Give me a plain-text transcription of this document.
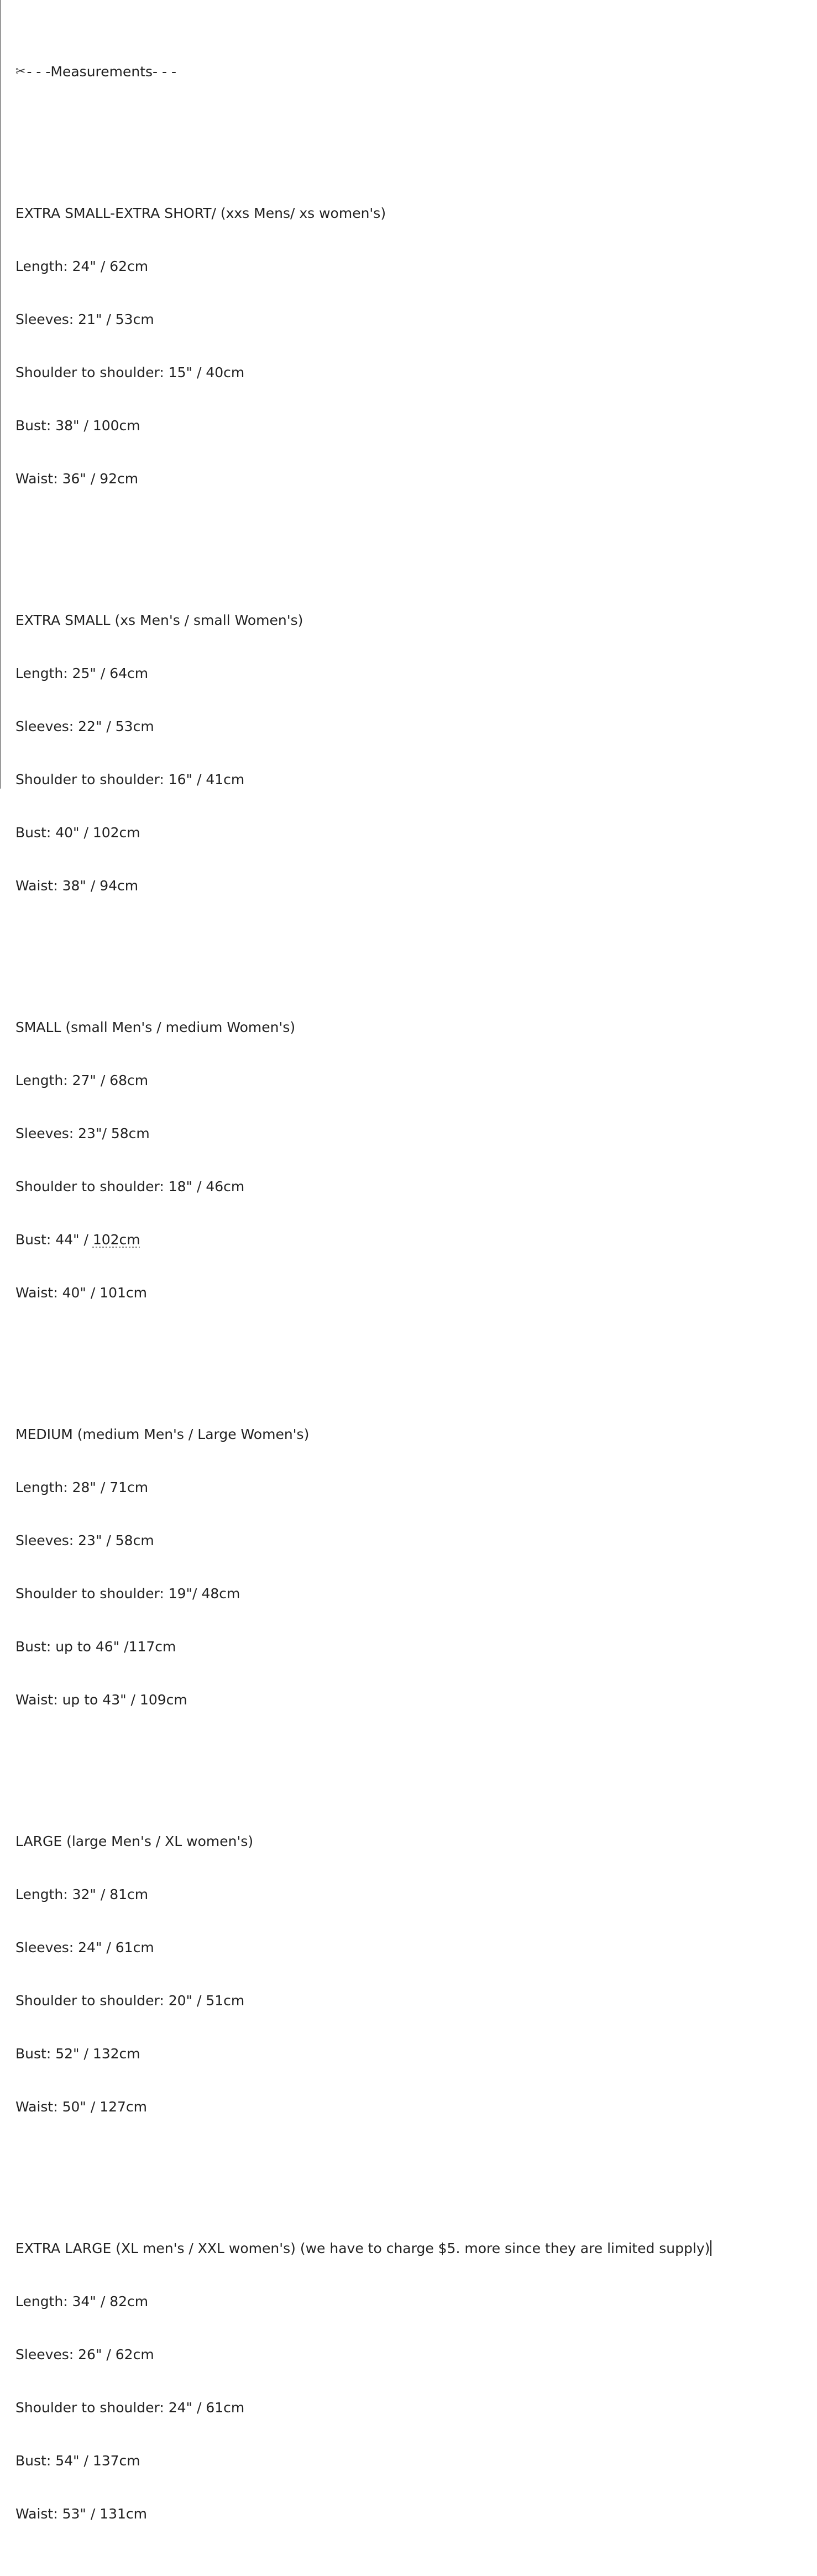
✂ - - -Measurements- - -

EXTRA SMALL-EXTRA SHORT/ (xxs Mens/ xs women's)

Length: 24" / 62cm

Sleeves: 21" / 53cm

Shoulder to shoulder: 15" / 40cm

Bust: 38" / 100cm

Waist: 36" / 92cm

EXTRA SMALL (xs Men's / small Women's)

Length: 25" / 64cm

Sleeves: 22" / 53cm

Shoulder to shoulder: 16" / 41cm

Bust: 40" / 102cm

Waist: 38" / 94cm

SMALL (small Men's / medium Women's)

Length: 27" / 68cm

Sleeves: 23"/ 58cm

Shoulder to shoulder: 18" / 46cm

Bust: 44" / 102cm

Waist: 40" / 101cm

MEDIUM (medium Men's / Large Women's)

Length: 28" / 71cm

Sleeves: 23" / 58cm

Shoulder to shoulder: 19"/ 48cm

Bust: up to 46" /117cm

Waist: up to 43" / 109cm

LARGE (large Men's / XL women's)

Length: 32" / 81cm

Sleeves: 24" / 61cm

Shoulder to shoulder: 20" / 51cm

Bust: 52" / 132cm

Waist: 50" / 127cm

EXTRA LARGE (XL men's / XXL women's) (we have to charge $5. more since they are limited supply)

Length: 34" / 82cm

Sleeves: 26" / 62cm

Shoulder to shoulder: 24" / 61cm

Bust: 54" / 137cm

Waist: 53" / 131cm
